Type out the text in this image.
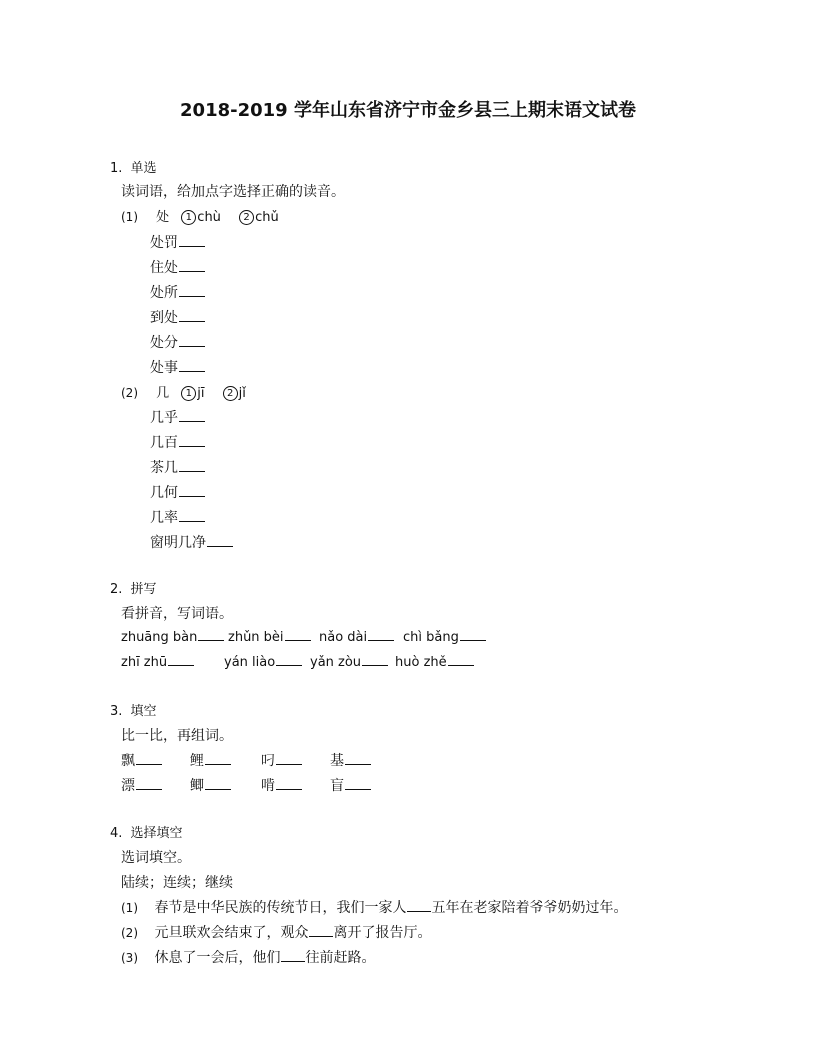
2018-2019 学年山东省济宁市金乡县三上期末语文试卷
1. 单选
读词语，给加点字选择正确的读音。
(1) 处 1 chù 2 chǔ
处罚
住处
处所
到处
处分
处事
(2) 几 1 jī 2 jǐ
几乎
几百
茶几
几何
几率
窗明几净
2. 拼写
看拼音，写词语。
zhuāng bàn	zhǔn bèi	nǎo dài	chì bǎng
zhī zhū	yán liào	yǎn zòu	huò zhě
3. 填空
比一比，再组词。
飘	鲤	叼	基
漂	鲫	啃	盲
4. 选择填空
选词填空。
陆续；连续；继续
(1) 春节是中华民族的传统节日，我们一家人 五年在老家陪着爷爷奶奶过年。
(2) 元旦联欢会结束了，观众 离开了报告厅。
(3) 休息了一会后，他们 往前赶路。
